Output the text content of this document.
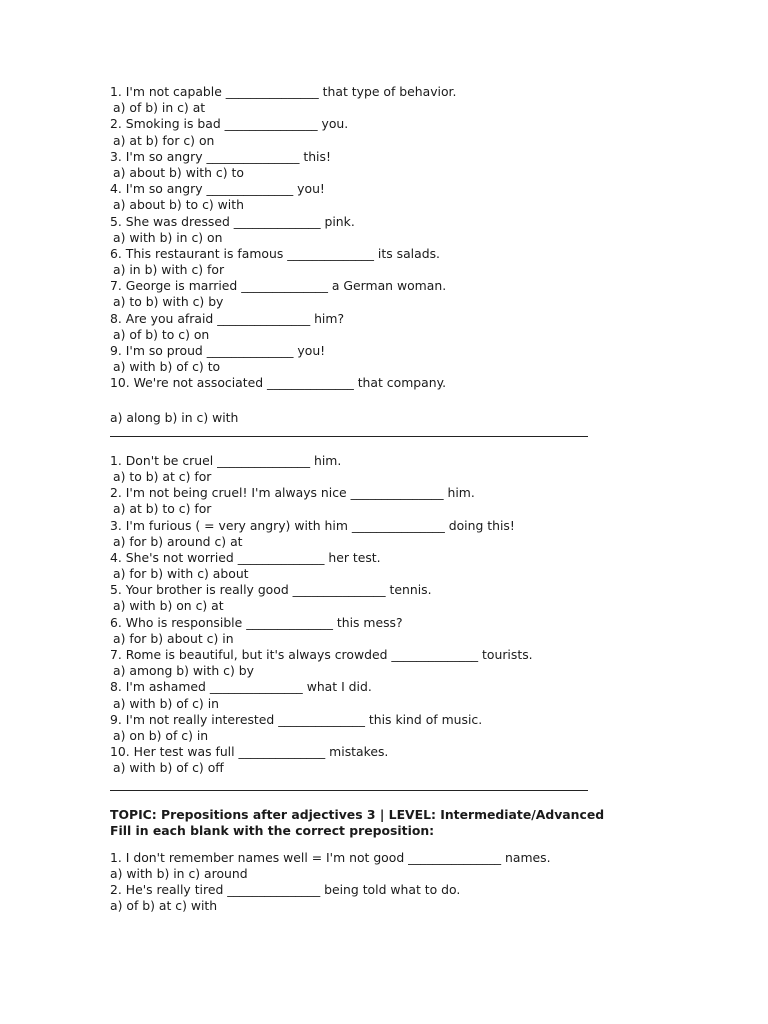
1. I'm not capable _______________ that type of behavior.
a) of b) in c) at
2. Smoking is bad _______________ you.
a) at b) for c) on
3. I'm so angry _______________ this!
a) about b) with c) to
4. I'm so angry ______________ you!
a) about b) to c) with
5. She was dressed ______________ pink.
a) with b) in c) on
6. This restaurant is famous ______________ its salads.
a) in b) with c) for
7. George is married ______________ a German woman.
a) to b) with c) by
8. Are you afraid _______________ him?
a) of b) to c) on
9. I'm so proud ______________ you!
a) with b) of c) to
10. We're not associated ______________ that company.
a) along b) in c) with
1. Don't be cruel _______________ him.
a) to b) at c) for
2. I'm not being cruel! I'm always nice _______________ him.
a) at b) to c) for
3. I'm furious ( = very angry) with him _______________ doing this!
a) for b) around c) at
4. She's not worried ______________ her test.
a) for b) with c) about
5. Your brother is really good _______________ tennis.
a) with b) on c) at
6. Who is responsible ______________ this mess?
a) for b) about c) in
7. Rome is beautiful, but it's always crowded ______________ tourists.
a) among b) with c) by
8. I'm ashamed _______________ what I did.
a) with b) of c) in
9. I'm not really interested ______________ this kind of music.
a) on b) of c) in
10. Her test was full ______________ mistakes.
a) with b) of c) off
TOPIC: Prepositions after adjectives 3 | LEVEL: Intermediate/Advanced
Fill in each blank with the correct preposition:
1. I don't remember names well = I'm not good _______________ names.
a) with b) in c) around
2. He's really tired _______________ being told what to do.
a) of b) at c) with
